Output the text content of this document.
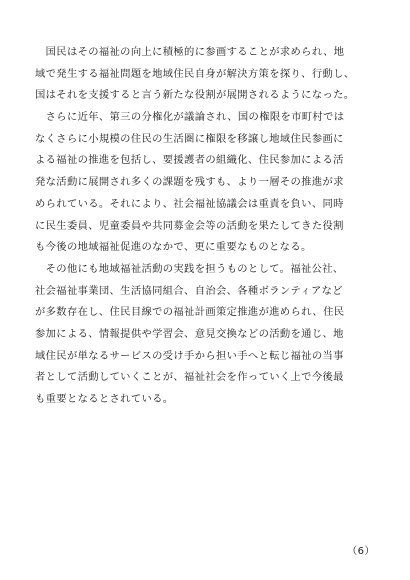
　国民はその福祉の向上に積極的に参画することが求められ、地
域で発生する福祉問題を地域住民自身が解決方策を探り、行動し、
国はそれを支援すると言う新たな役割が展開されるようになった。
　さらに近年、第三の分権化が議論され、国の権限を市町村では
なくさらに小規模の住民の生活圏に権限を移譲し地域住民参画に
よる福祉の推進を包括し、要援護者の組織化、住民参加による活
発な活動に展開され多くの課題を残すも、より一層その推進が求
められている。それにより、社会福祉協議会は重責を負い、同時
に民生委員、児童委員や共同募金会等の活動を果たしてきた役割
も今後の地域福祉促進のなかで、更に重要なものとなる。
　その他にも地域福祉活動の実践を担うものとして。福祉公社、
社会福祉事業団、生活協同組合、自治会、各種ボランティアなど
が多数存在し、住民目線での福祉計画策定推進が進められ、住民
参加による、情報提供や学習会、意見交換などの活動を通じ、地
域住民が単なるサービスの受け手から担い手へと転じ福祉の当事
者として活動していくことが、福祉社会を作っていく上で今後最
も重要となるとされている。
（6）
